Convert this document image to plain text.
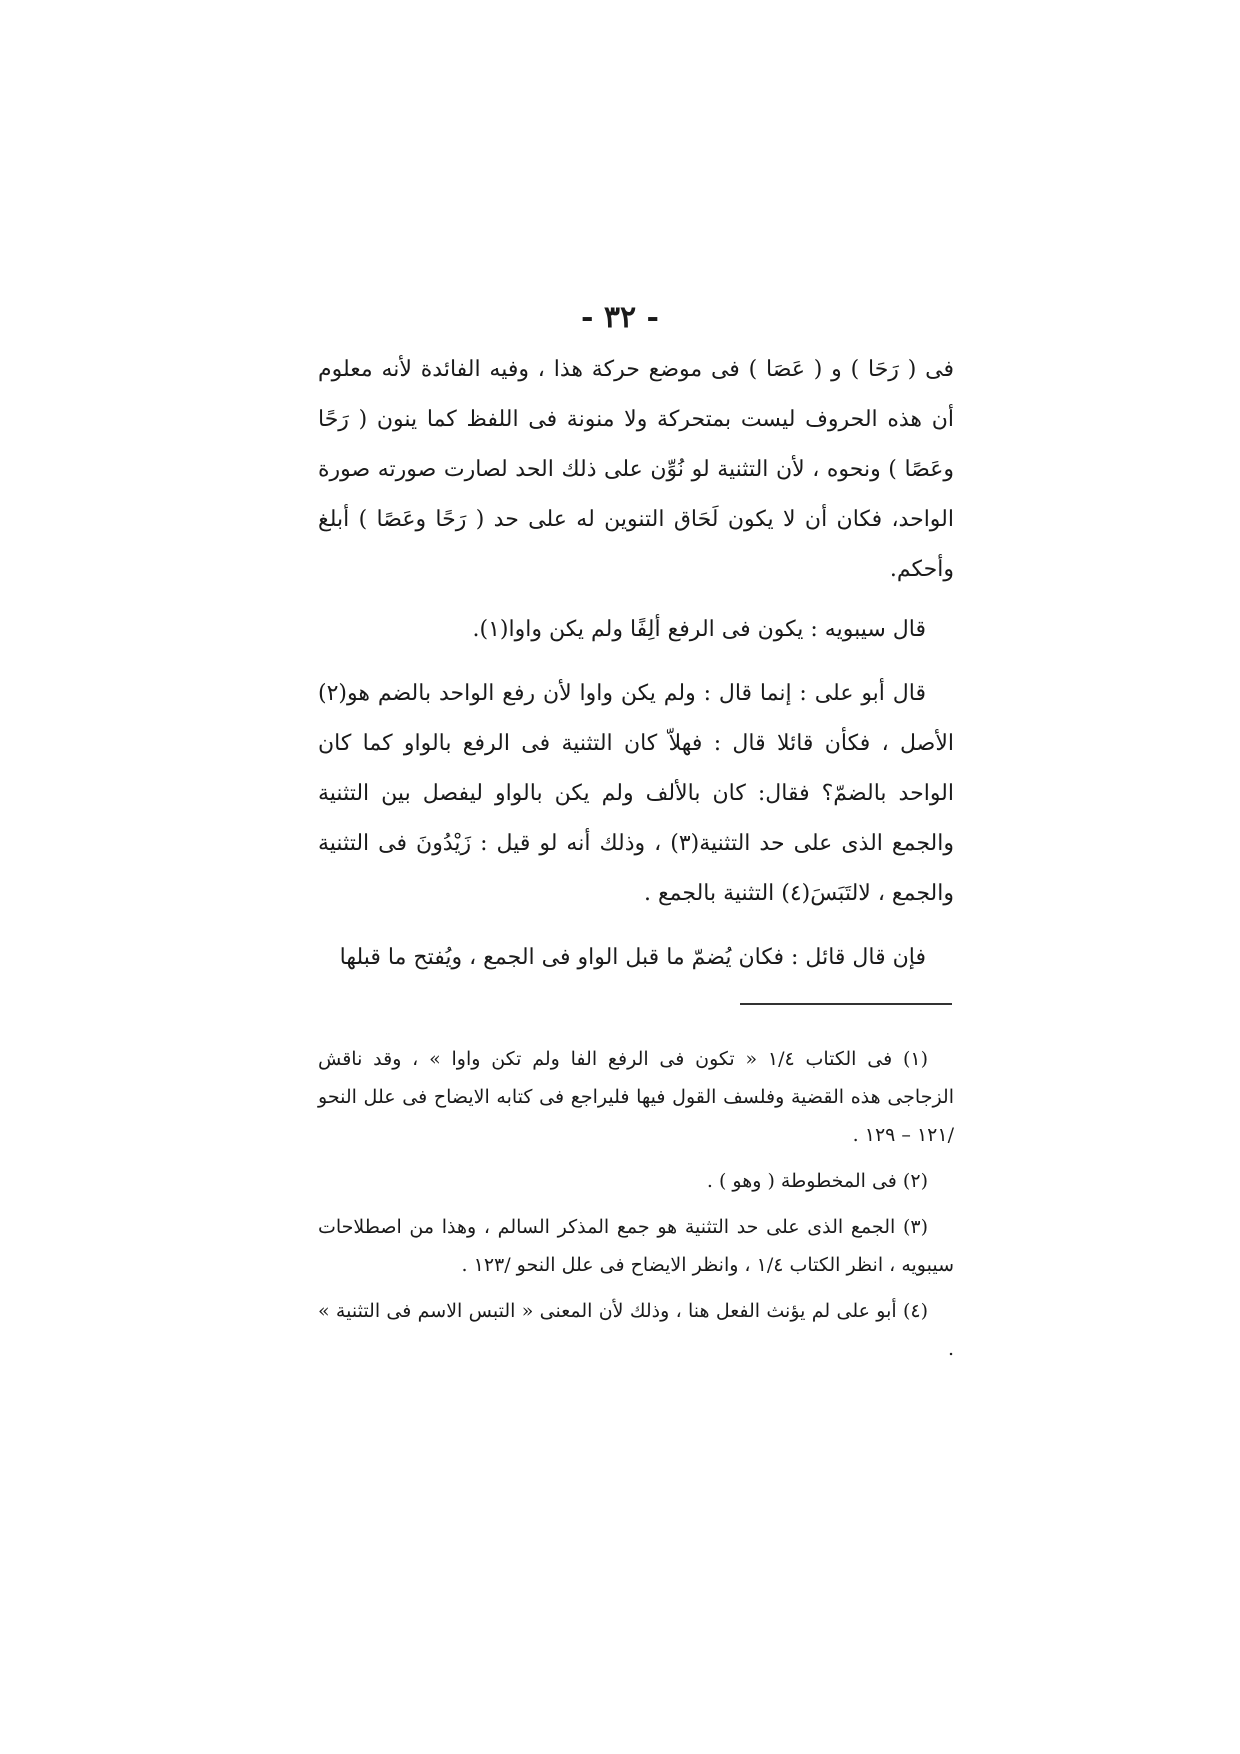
- ٣٢ -

فى ( رَحَا ) و ( عَصَا ) فى موضع حركة هذا ، وفيه الفائدة لأنه معلوم أن هذه الحروف ليست بمتحركة ولا منونة فى اللفظ كما ينون ( رَحًا وعَصًا ) ونحوه ، لأن التثنية لو نُوِّن على ذلك الحد لصارت صورته صورة الواحد، فكان أن لا يكون لَحَاق التنوين له على حد ( رَحًا وعَصًا ) أبلغ وأحكم.

قال سيبويه : يكون فى الرفع ألِفًا ولم يكن واوا(١).

قال أبو على : إنما قال : ولم يكن واوا لأن رفع الواحد بالضم هو(٢) الأصل ، فكأن قائلا قال : فهلاّ كان التثنية فى الرفع بالواو كما كان الواحد بالضمّ؟ فقال: كان بالألف ولم يكن بالواو ليفصل بين التثنية والجمع الذى على حد التثنية(٣) ، وذلك أنه لو قيل : زَيْدُونَ فى التثنية والجمع ، لالتَبَسَ(٤) التثنية بالجمع .

فإن قال قائل : فكان يُضمّ ما قبل الواو فى الجمع ، ويُفتح ما قبلها

(١) فى الكتاب ١/٤ « تكون فى الرفع الفا ولم تكن واوا » ، وقد ناقش الزجاجى هذه القضية وفلسف القول فيها فليراجع فى كتابه الايضاح فى علل النحو /١٢١ – ١٢٩ .

(٢) فى المخطوطة ( وهو ) .

(٣) الجمع الذى على حد التثنية هو جمع المذكر السالم ، وهذا من اصطلاحات سيبويه ، انظر الكتاب ١/٤ ، وانظر الايضاح فى علل النحو /١٢٣ .

(٤) أبو على لم يؤنث الفعل هنا ، وذلك لأن المعنى « التبس الاسم فى التثنية » .
